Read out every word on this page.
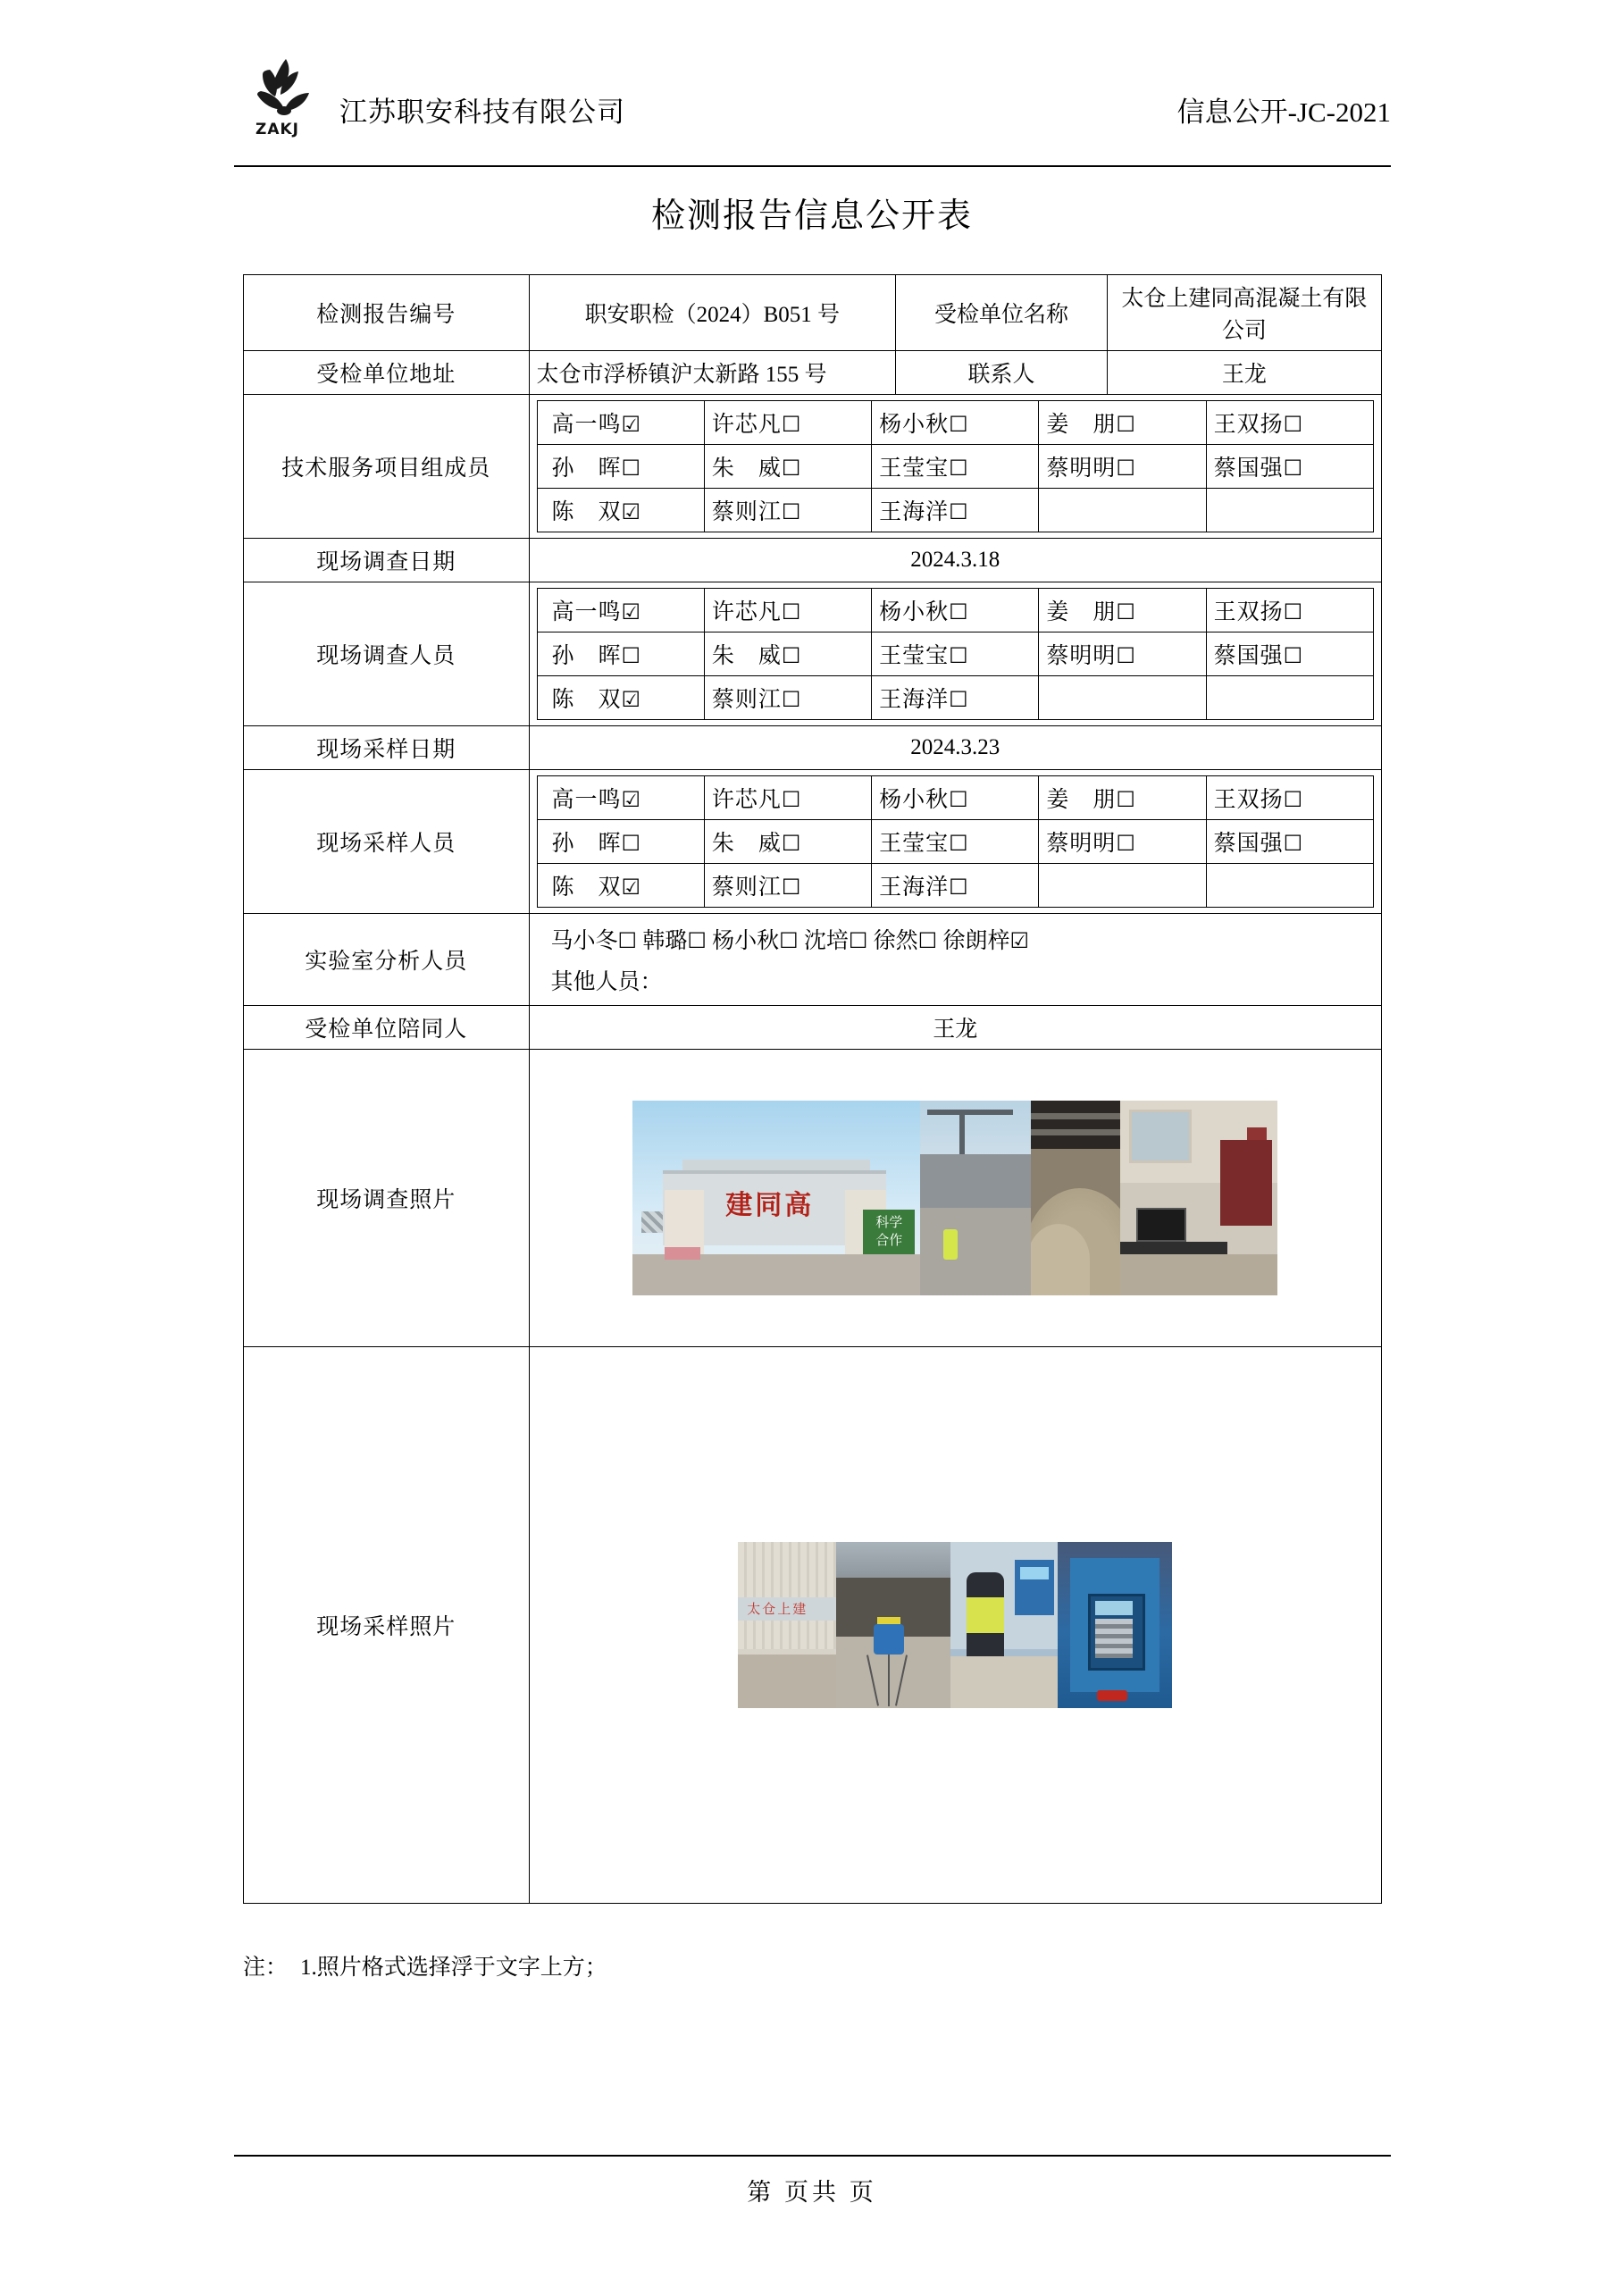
ZAKJ
江苏职安科技有限公司	信息公开-JC-2021
检测报告信息公开表
检测报告编号	职安职检（2024）B051 号	受检单位名称	太仓上建同高混凝土有限公司
受检单位地址	太仓市浮桥镇沪太新路 155 号	联系人	王龙
技术服务项目组成员	
高一鸣☑	许芯凡☐	杨小秋☐	姜　朋☐	王双扬☐
孙　晖☐	朱　威☐	王莹宝☐	蔡明明☐	蔡国强☐
陈　双☑	蔡则江☐	王海洋☐		

现场调查日期	2024.3.18
现场调查人员	
高一鸣☑	许芯凡☐	杨小秋☐	姜　朋☐	王双扬☐
孙　晖☐	朱　威☐	王莹宝☐	蔡明明☐	蔡国强☐
陈　双☑	蔡则江☐	王海洋☐		

现场采样日期	2024.3.23
现场采样人员	
高一鸣☑	许芯凡☐	杨小秋☐	姜　朋☐	王双扬☐
孙　晖☐	朱　威☐	王莹宝☐	蔡明明☐	蔡国强☐
陈　双☑	蔡则江☐	王海洋☐		

实验室分析人员	
马小冬☐ 韩璐☐ 杨小秋☐ 沈培☐ 徐然☐ 徐朗梓☑
其他人员：

受检单位陪同人	王龙
现场调查照片	建同高
科学
合作

现场采样照片	
太仓上建
注： 1.照片格式选择浮于文字上方；
第 页共 页
